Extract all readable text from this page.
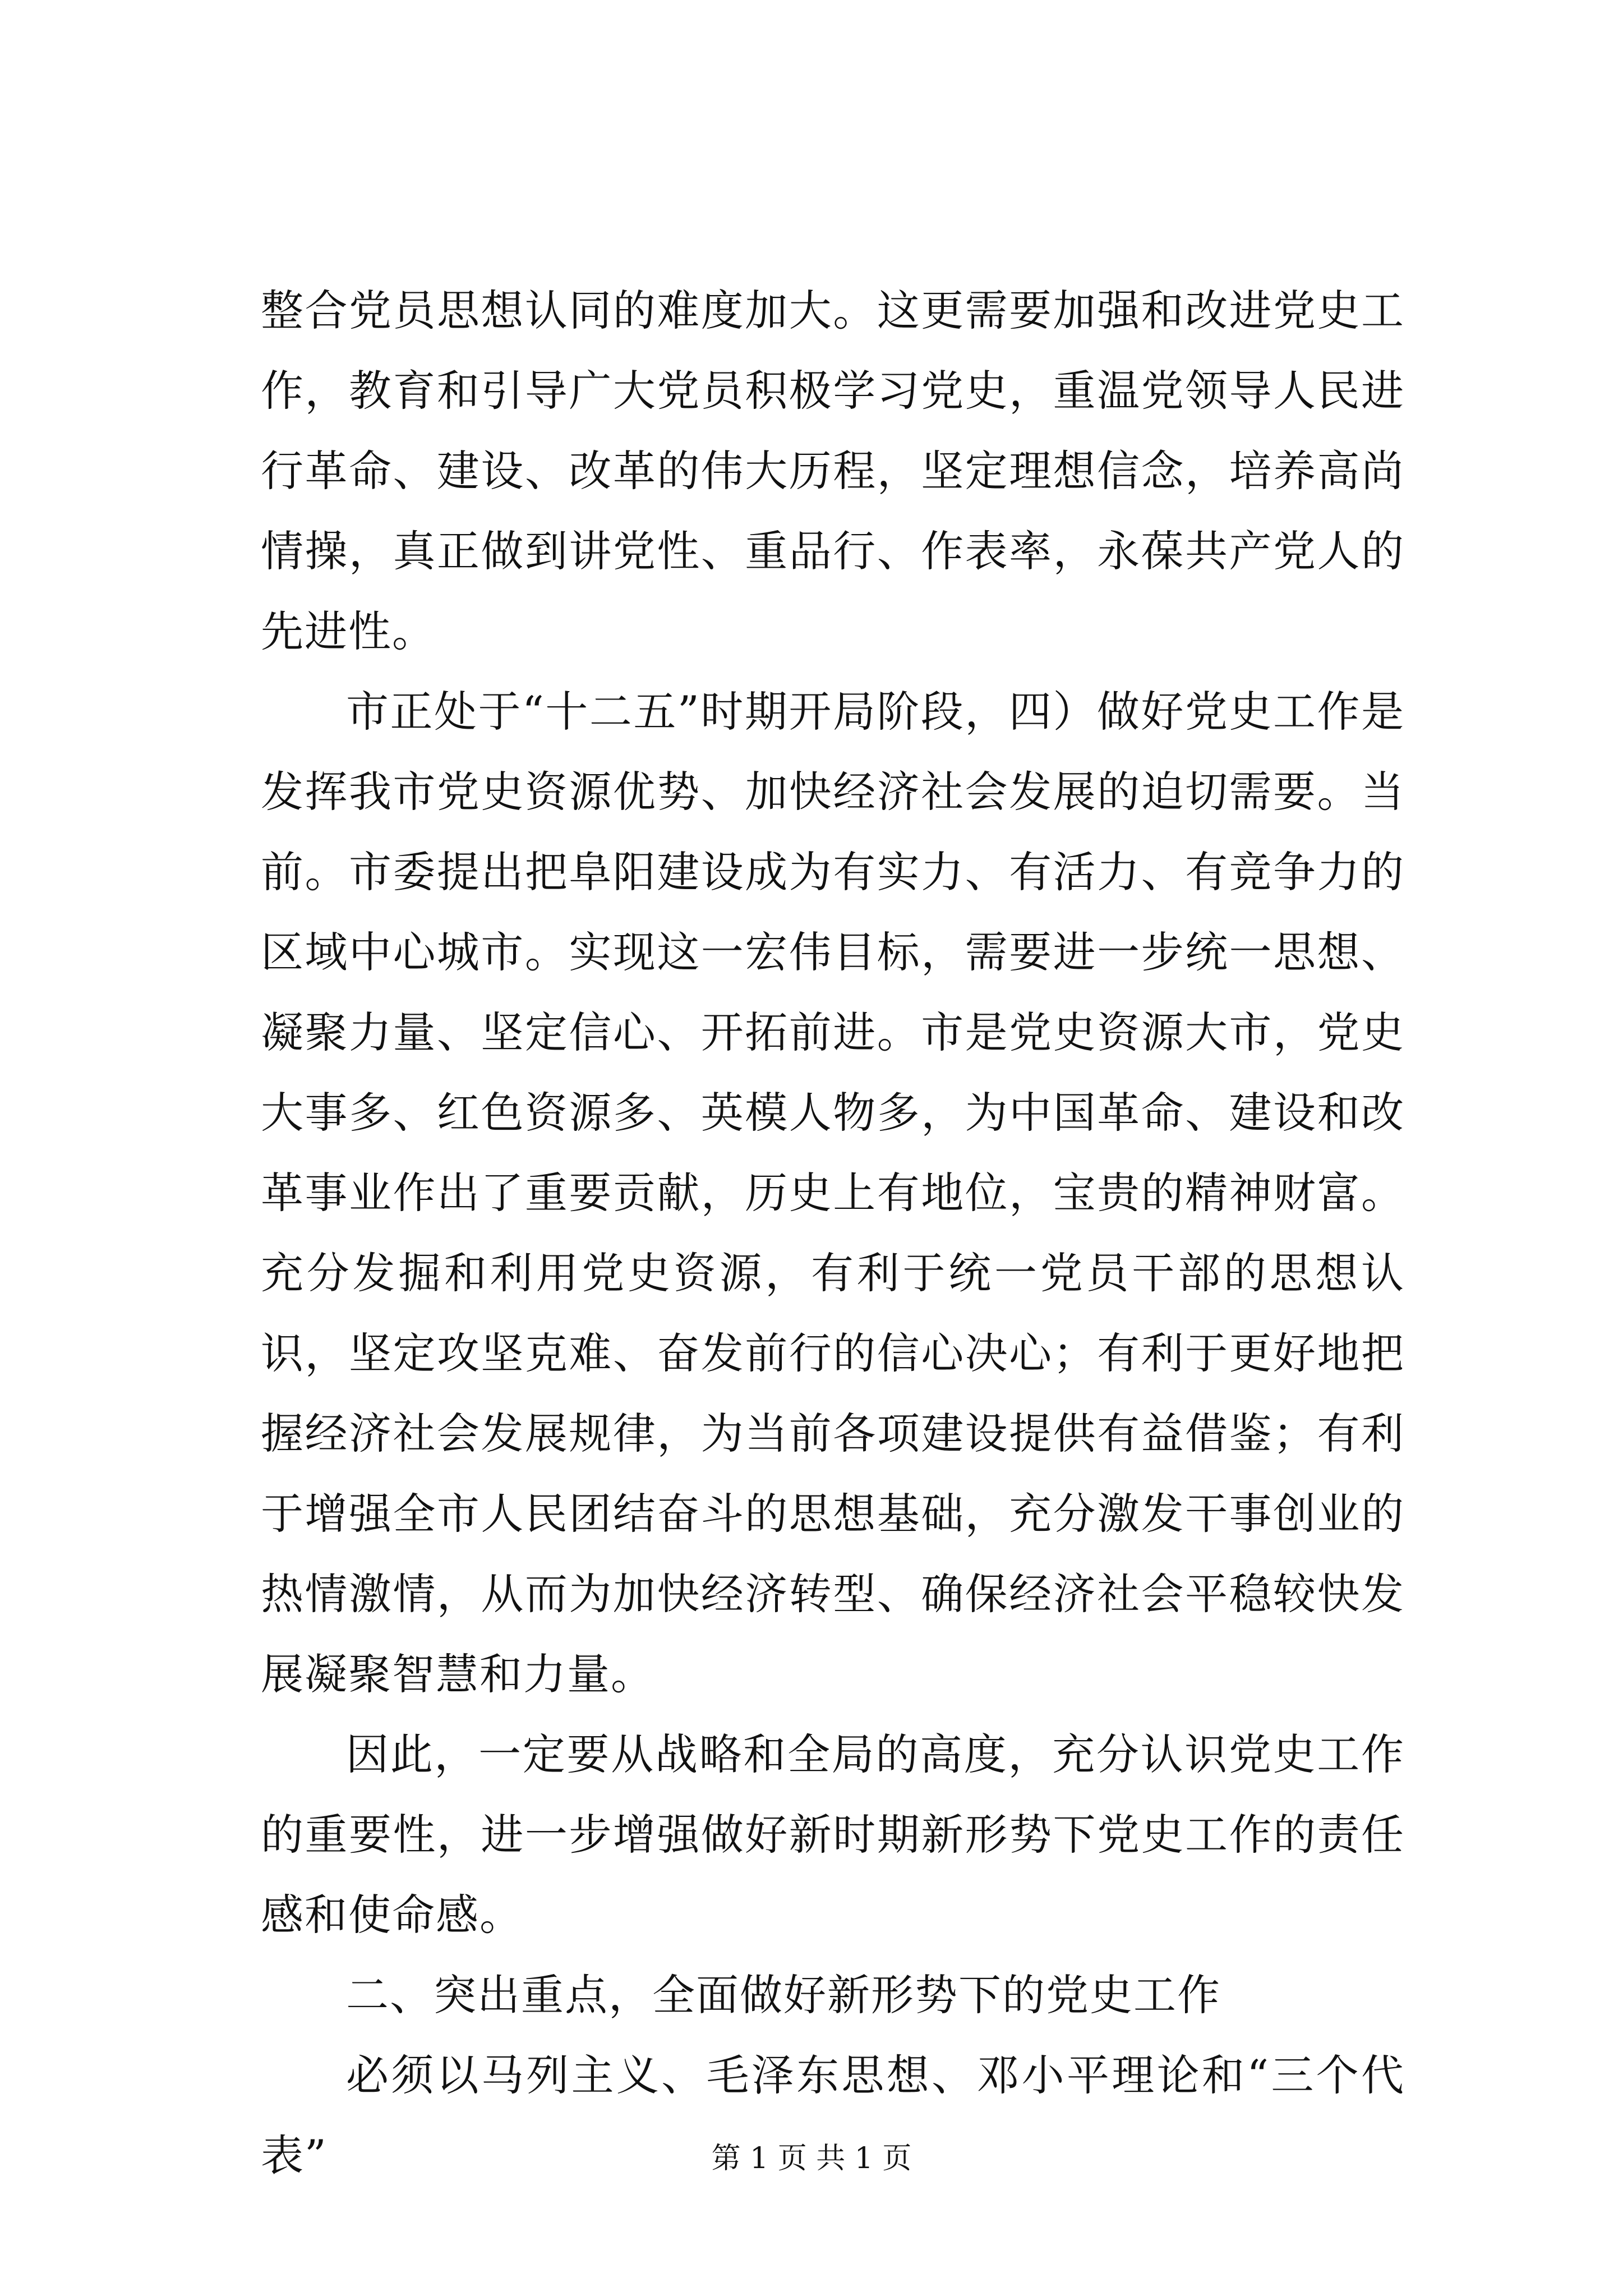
整合党员思想认同的难度加大。这更需要加强和改进党史工作，教育和引导广大党员积极学习党史，重温党领导人民进行革命、建设、改革的伟大历程，坚定理想信念，培养高尚情操，真正做到讲党性、重品行、作表率，永葆共产党人的先进性。

市正处于“十二五”时期开局阶段，四）做好党史工作是发挥我市党史资源优势、加快经济社会发展的迫切需要。当前。市委提出把阜阳建设成为有实力、有活力、有竞争力的区域中心城市。实现这一宏伟目标，需要进一步统一思想、凝聚力量、坚定信心、开拓前进。市是党史资源大市，党史大事多、红色资源多、英模人物多，为中国革命、建设和改革事业作出了重要贡献，历史上有地位，宝贵的精神财富。充分发掘和利用党史资源，有利于统一党员干部的思想认识，坚定攻坚克难、奋发前行的信心决心；有利于更好地把握经济社会发展规律，为当前各项建设提供有益借鉴；有利于增强全市人民团结奋斗的思想基础，充分激发干事创业的热情激情，从而为加快经济转型、确保经济社会平稳较快发展凝聚智慧和力量。

因此，一定要从战略和全局的高度，充分认识党史工作的重要性，进一步增强做好新时期新形势下党史工作的责任感和使命感。

二、突出重点，全面做好新形势下的党史工作

必须以马列主义、毛泽东思想、邓小平理论和“三个代表”	第 1 页 共 1 页
